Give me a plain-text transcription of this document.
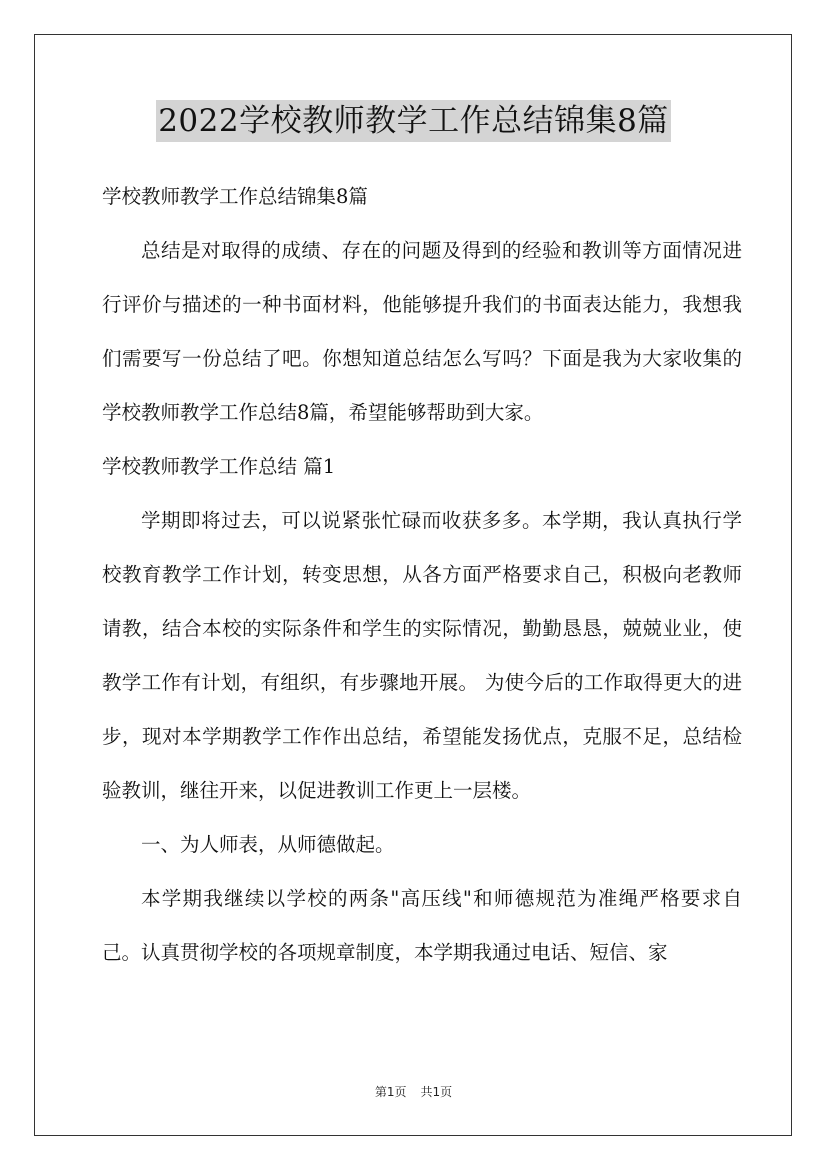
2022学校教师教学工作总结锦集8篇

学校教师教学工作总结锦集8篇

总结是对取得的成绩、存在的问题及得到的经验和教训等方面情况进行评价与描述的一种书面材料，他能够提升我们的书面表达能力，我想我们需要写一份总结了吧。你想知道总结怎么写吗？下面是我为大家收集的学校教师教学工作总结8篇，希望能够帮助到大家。

学校教师教学工作总结 篇1

学期即将过去，可以说紧张忙碌而收获多多。本学期，我认真执行学校教育教学工作计划，转变思想，从各方面严格要求自己，积极向老教师请教，结合本校的实际条件和学生的实际情况，勤勤恳恳，兢兢业业，使教学工作有计划，有组织，有步骤地开展。 为使今后的工作取得更大的进步，现对本学期教学工作作出总结，希望能发扬优点，克服不足，总结检验教训，继往开来，以促进教训工作更上一层楼。

一、为人师表，从师德做起。

本学期我继续以学校的两条"高压线"和师德规范为准绳严格要求自己。认真贯彻学校的各项规章制度，本学期我通过电话、短信、家

第1页 共1页
